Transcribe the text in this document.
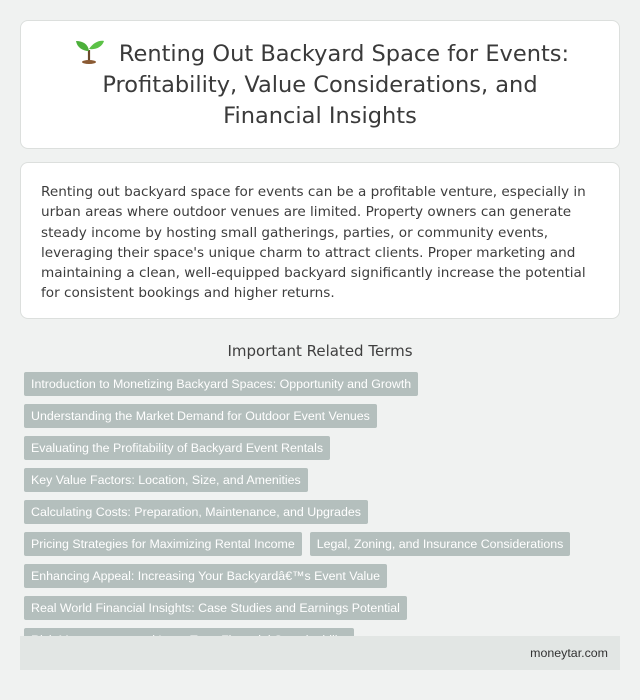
Renting Out Backyard Space for Events: Profitability, Value Considerations, and Financial Insights

Renting out backyard space for events can be a profitable venture, especially in urban areas where outdoor venues are limited. Property owners can generate steady income by hosting small gatherings, parties, or community events, leveraging their space's unique charm to attract clients. Proper marketing and maintaining a clean, well-equipped backyard significantly increase the potential for consistent bookings and higher returns.

Important Related Terms
Introduction to Monetizing Backyard Spaces: Opportunity and Growth
Understanding the Market Demand for Outdoor Event Venues
Evaluating the Profitability of Backyard Event Rentals
Key Value Factors: Location, Size, and Amenities
Calculating Costs: Preparation, Maintenance, and Upgrades
Pricing Strategies for Maximizing Rental Income	Legal, Zoning, and Insurance Considerations
Enhancing Appeal: Increasing Your Backyardâ€™s Event Value
Real World Financial Insights: Case Studies and Earnings Potential
moneytar.com
